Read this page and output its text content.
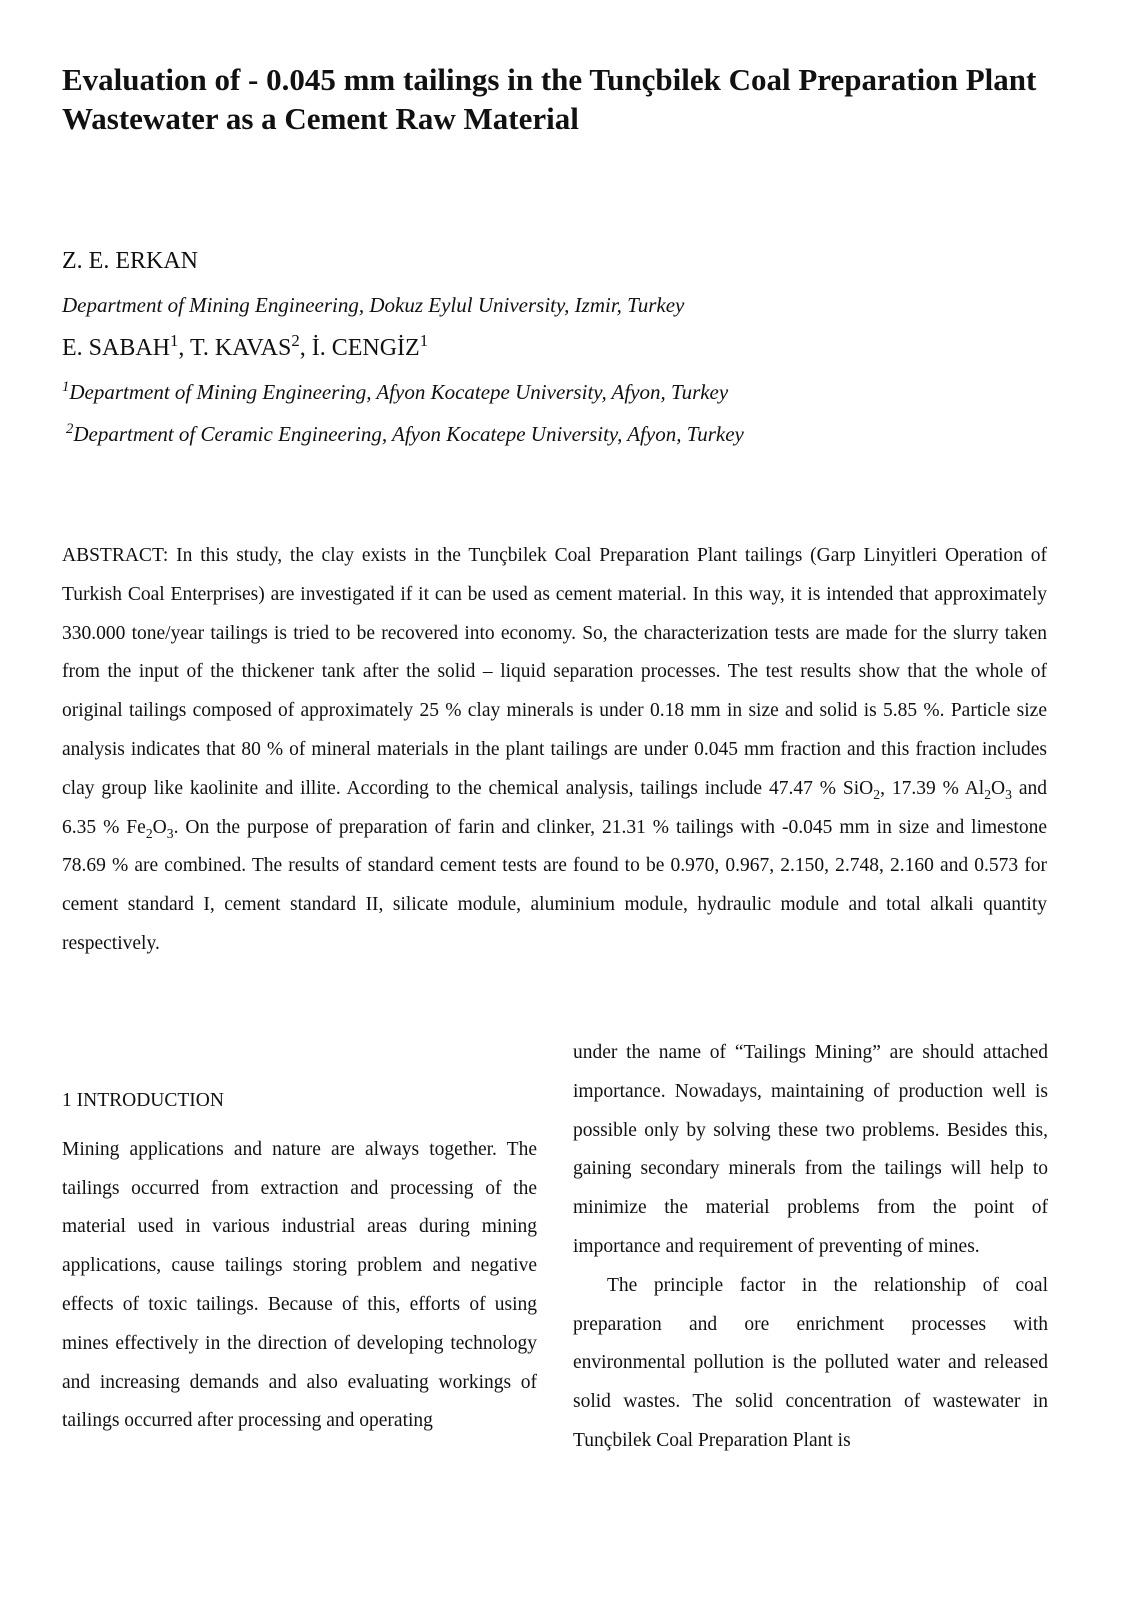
Evaluation of - 0.045 mm tailings in the Tunçbilek Coal Preparation Plant Wastewater as a Cement Raw Material

Z. E. ERKAN

Department of Mining Engineering, Dokuz Eylul University, Izmir, Turkey

E. SABAH$^1$, T. KAVAS$^2$, İ. CENGİZ$^1$

$^1$Department of Mining Engineering, Afyon Kocatepe University, Afyon, Turkey

$^2$Department of Ceramic Engineering, Afyon Kocatepe University, Afyon, Turkey

ABSTRACT: In this study, the clay exists in the Tunçbilek Coal Preparation Plant tailings (Garp Linyitleri Operation of Turkish Coal Enterprises) are investigated if it can be used as cement material. In this way, it is intended that approximately 330.000 tone/year tailings is tried to be recovered into economy. So, the characterization tests are made for the slurry taken from the input of the thickener tank after the solid – liquid separation processes. The test results show that the whole of original tailings composed of approximately 25 % clay minerals is under 0.18 mm in size and solid is 5.85 %. Particle size analysis indicates that 80 % of mineral materials in the plant tailings are under 0.045 mm fraction and this fraction includes clay group like kaolinite and illite. According to the chemical analysis, tailings include 47.47 % SiO$_2$, 17.39 % $Al_2O_3$ and 6.35 % $Fe_2O_3$. On the purpose of preparation of farin and clinker, 21.31 % tailings with -0.045 mm in size and limestone 78.69 % are combined. The results of standard cement tests are found to be 0.970, 0.967, 2.150, 2.748, 2.160 and 0.573 for cement standard I, cement standard II, silicate module, aluminium module, hydraulic module and total alkali quantity respectively.

1 INTRODUCTION

Mining applications and nature are always together. The tailings occurred from extraction and processing of the material used in various industrial areas during mining applications, cause tailings storing problem and negative effects of toxic tailings. Because of this, efforts of using mines effectively in the direction of developing technology and increasing demands and also evaluating workings of tailings occurred after processing and operating

under the name of “Tailings Mining” are should attached importance. Nowadays, maintaining of production well is possible only by solving these two problems. Besides this, gaining secondary minerals from the tailings will help to minimize the material problems from the point of importance and requirement of preventing of mines.

The principle factor in the relationship of coal preparation and ore enrichment processes with environmental pollution is the polluted water and released solid wastes. The solid concentration of wastewater in Tunçbilek Coal Preparation Plant is
